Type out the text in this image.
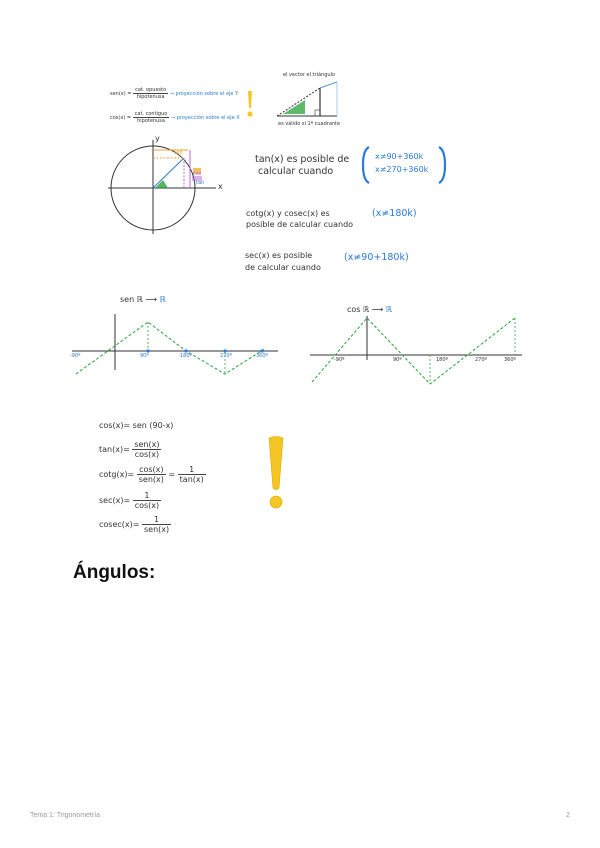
$sen(x) = \frac{\text{cat. opuesto}}{\text{hipotenusa}}$ → proyección sobre el eje Y
$\cos(x) = \frac{\text{cat. contiguo}}{\text{hipotenusa}}$ → proyección sobre el eje X
el vector el triángulo
es válido si 1ª cuadrante
y
x
tan(x) es posible de
calcular cuando
x≠90+360k
x≠270+360k
cotg(x) y cosec(x) es
posible de calcular cuando
(x≠180k)
sec(x) es posible
de calcular cuando
(x≠90+180k)
sen ℝ ⟶ ℝ
-90º	90º	180º	270º	360º
cos ℝ ⟶ ℝ
-90º	90º	180º	270º	360º
cos(x)= sen (90-x)
$\tan(x)= \frac{\text{sen(x)}}{\cos(x)}$
$\cot g(x)= \frac{\cos(x)}{\text{sen(x)}} = \frac{1}{\tan(x)}$
$\sec(x)= \frac{1}{\cos(x)}$
$cosec(x)= \frac{1}{\text{sen(x)}}$
Ángulos:
Tema 1: Trigonometría	2
sen
cos
tan
